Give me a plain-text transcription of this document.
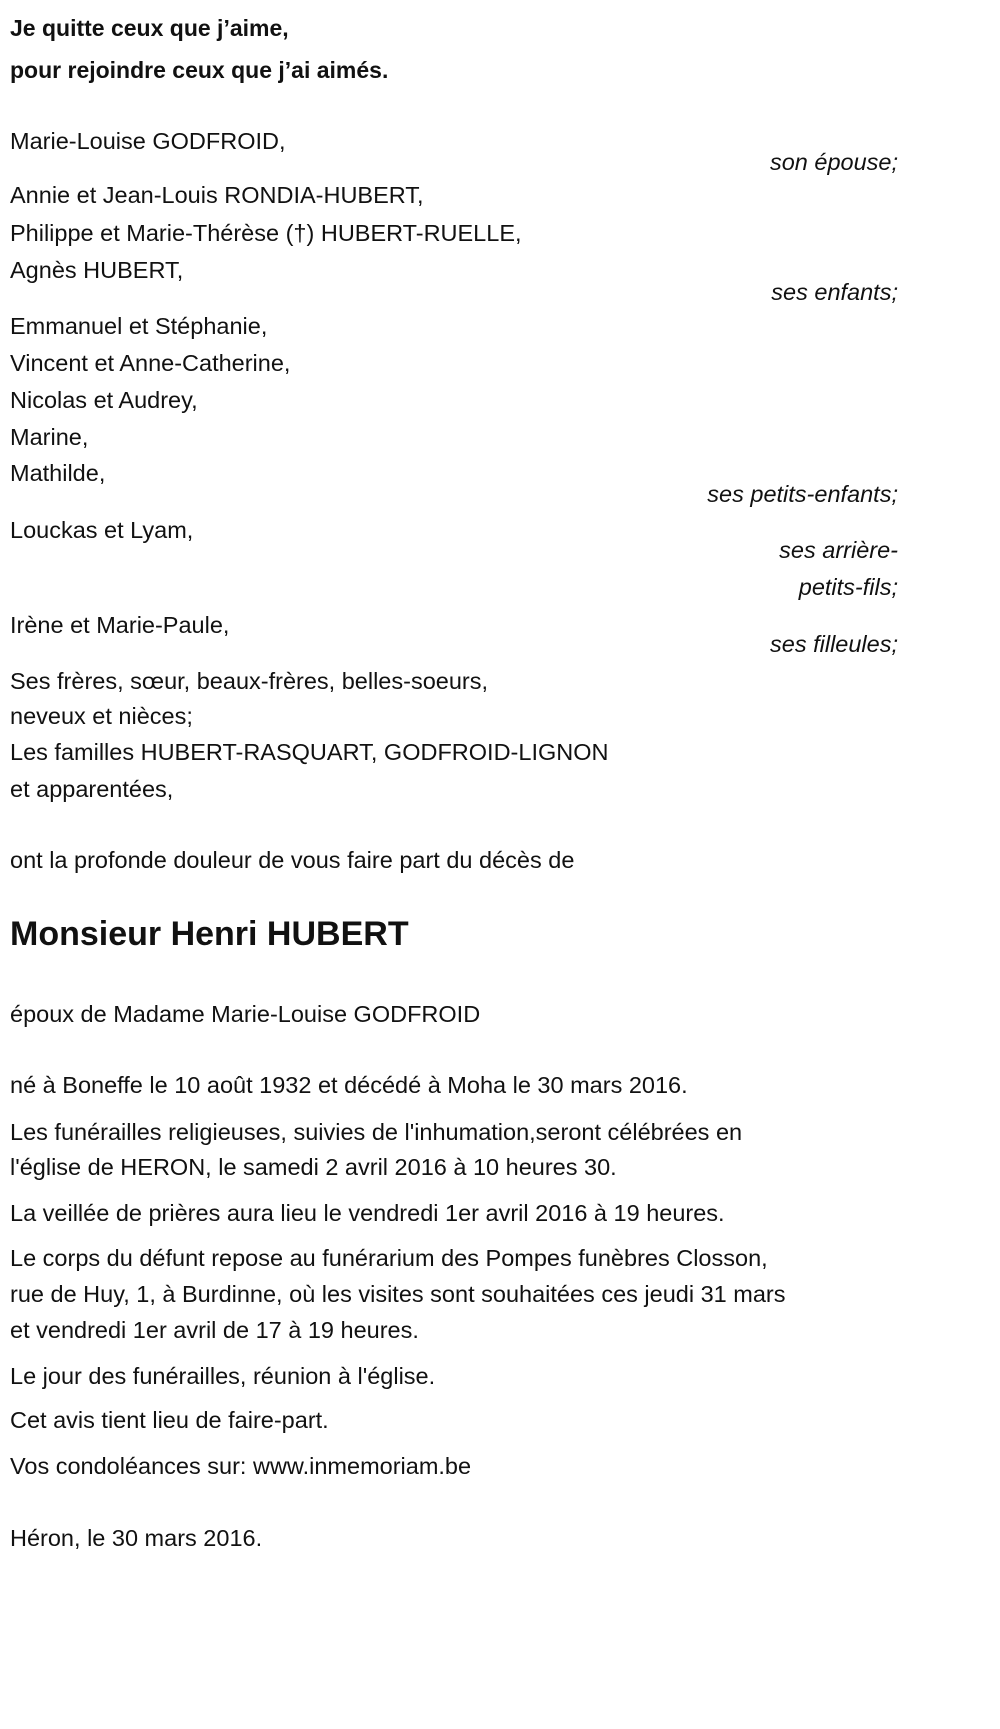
Je quitte ceux que j’aime,
pour rejoindre ceux que j’ai aimés.
Marie-Louise GODFROID,
son épouse;
Annie et Jean-Louis RONDIA-HUBERT,
Philippe et Marie-Thérèse (†) HUBERT-RUELLE,
Agnès HUBERT,
ses enfants;
Emmanuel et Stéphanie,
Vincent et Anne-Catherine,
Nicolas et Audrey,
Marine,
Mathilde,
ses petits-enfants;
Louckas et Lyam,
ses arrière-
petits-fils;
Irène et Marie-Paule,
ses filleules;
Ses frères, sœur, beaux-frères, belles-soeurs,
neveux et nièces;
Les familles HUBERT-RASQUART, GODFROID-LIGNON
et apparentées,
ont la profonde douleur de vous faire part du décès de
Monsieur Henri HUBERT
époux de Madame Marie-Louise GODFROID
né à Boneffe le 10 août 1932 et décédé à Moha le 30 mars 2016.
Les funérailles religieuses, suivies de l'inhumation,seront célébrées en
l'église de HERON, le samedi 2 avril 2016 à 10 heures 30.
La veillée de prières aura lieu le vendredi 1er avril 2016 à 19 heures.
Le corps du défunt repose au funérarium des Pompes funèbres Closson,
rue de Huy, 1, à Burdinne, où les visites sont souhaitées ces jeudi 31 mars
et vendredi 1er avril de 17 à 19 heures.
Le jour des funérailles, réunion à l'église.
Cet avis tient lieu de faire-part.
Vos condoléances sur: www.inmemoriam.be
Héron, le 30 mars 2016.
